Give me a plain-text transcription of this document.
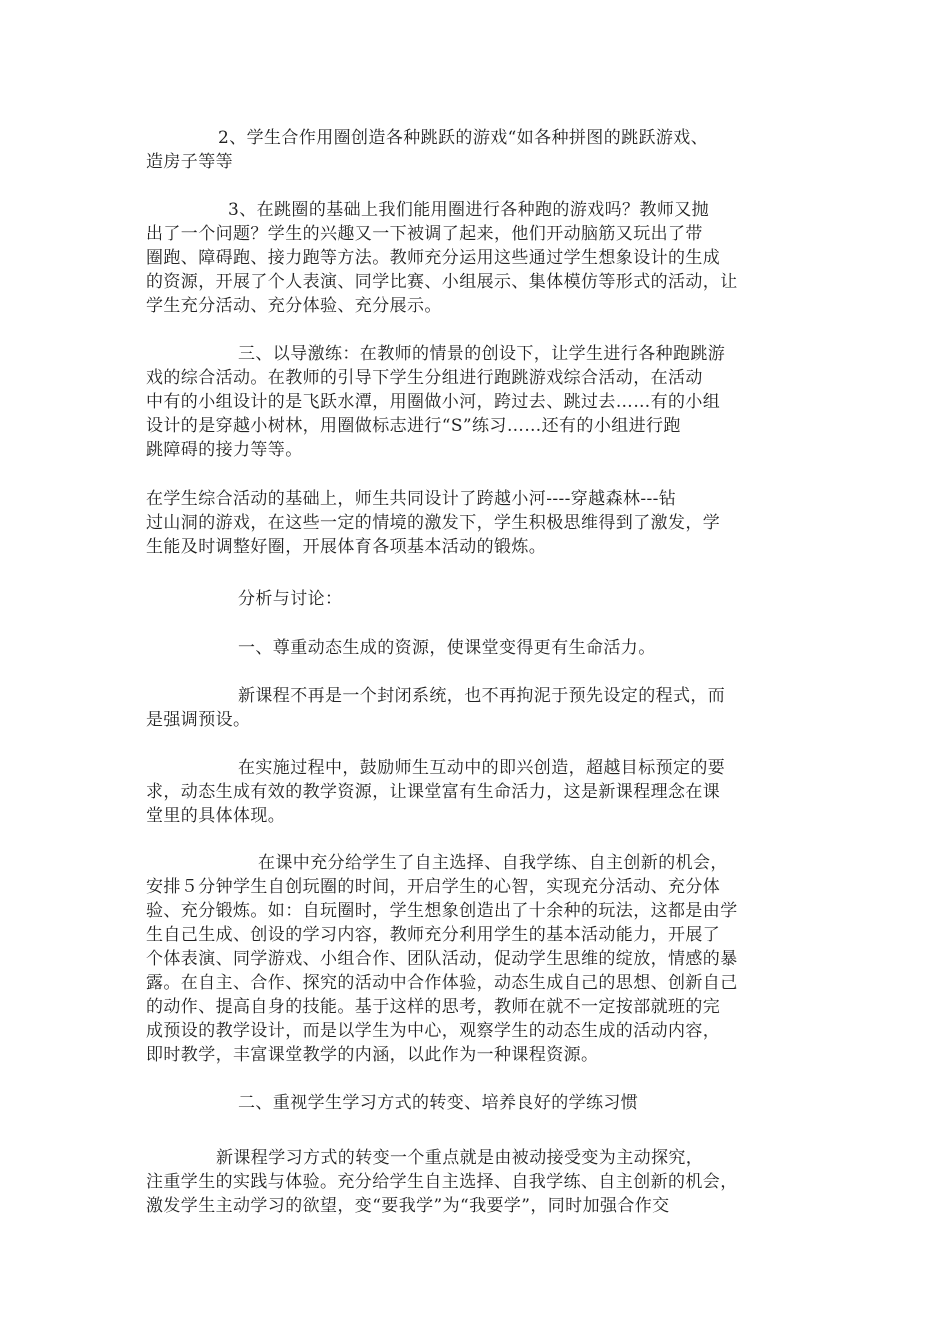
2、学生合作用圈创造各种跳跃的游戏“如各种拼图的跳跃游戏、
造房子等等

3、在跳圈的基础上我们能用圈进行各种跑的游戏吗？教师又抛
出了一个问题？学生的兴趣又一下被调了起来，他们开动脑筋又玩出了带
圈跑、障碍跑、接力跑等方法。教师充分运用这些通过学生想象设计的生成
的资源，开展了个人表演、同学比赛、小组展示、集体模仿等形式的活动，让
学生充分活动、充分体验、充分展示。

三、以导激练：在教师的情景的创设下，让学生进行各种跑跳游
戏的综合活动。在教师的引导下学生分组进行跑跳游戏综合活动，在活动
中有的小组设计的是飞跃水潭，用圈做小河，跨过去、跳过去……有的小组
设计的是穿越小树林，用圈做标志进行“S”练习……还有的小组进行跑
跳障碍的接力等等。

在学生综合活动的基础上，师生共同设计了跨越小河----穿越森林---钻
过山洞的游戏，在这些一定的情境的激发下，学生积极思维得到了激发，学
生能及时调整好圈，开展体育各项基本活动的锻炼。

分析与讨论：

一、尊重动态生成的资源，使课堂变得更有生命活力。

新课程不再是一个封闭系统，也不再拘泥于预先设定的程式，而
是强调预设。

在实施过程中，鼓励师生互动中的即兴创造，超越目标预定的要
求，动态生成有效的教学资源，让课堂富有生命活力，这是新课程理念在课
堂里的具体体现。

在课中充分给学生了自主选择、自我学练、自主创新的机会，
安排５分钟学生自创玩圈的时间，开启学生的心智，实现充分活动、充分体
验、充分锻炼。如：自玩圈时，学生想象创造出了十余种的玩法，这都是由学
生自己生成、创设的学习内容，教师充分利用学生的基本活动能力，开展了
个体表演、同学游戏、小组合作、团队活动，促动学生思维的绽放，情感的暴
露。在自主、合作、探究的活动中合作体验，动态生成自己的思想、创新自己
的动作、提高自身的技能。基于这样的思考，教师在就不一定按部就班的完
成预设的教学设计，而是以学生为中心，观察学生的动态生成的活动内容，
即时教学，丰富课堂教学的内涵，以此作为一种课程资源。

二、重视学生学习方式的转变、培养良好的学练习惯

新课程学习方式的转变一个重点就是由被动接受变为主动探究，
注重学生的实践与体验。充分给学生自主选择、自我学练、自主创新的机会，
激发学生主动学习的欲望，变“要我学”为“我要学”，同时加强合作交
